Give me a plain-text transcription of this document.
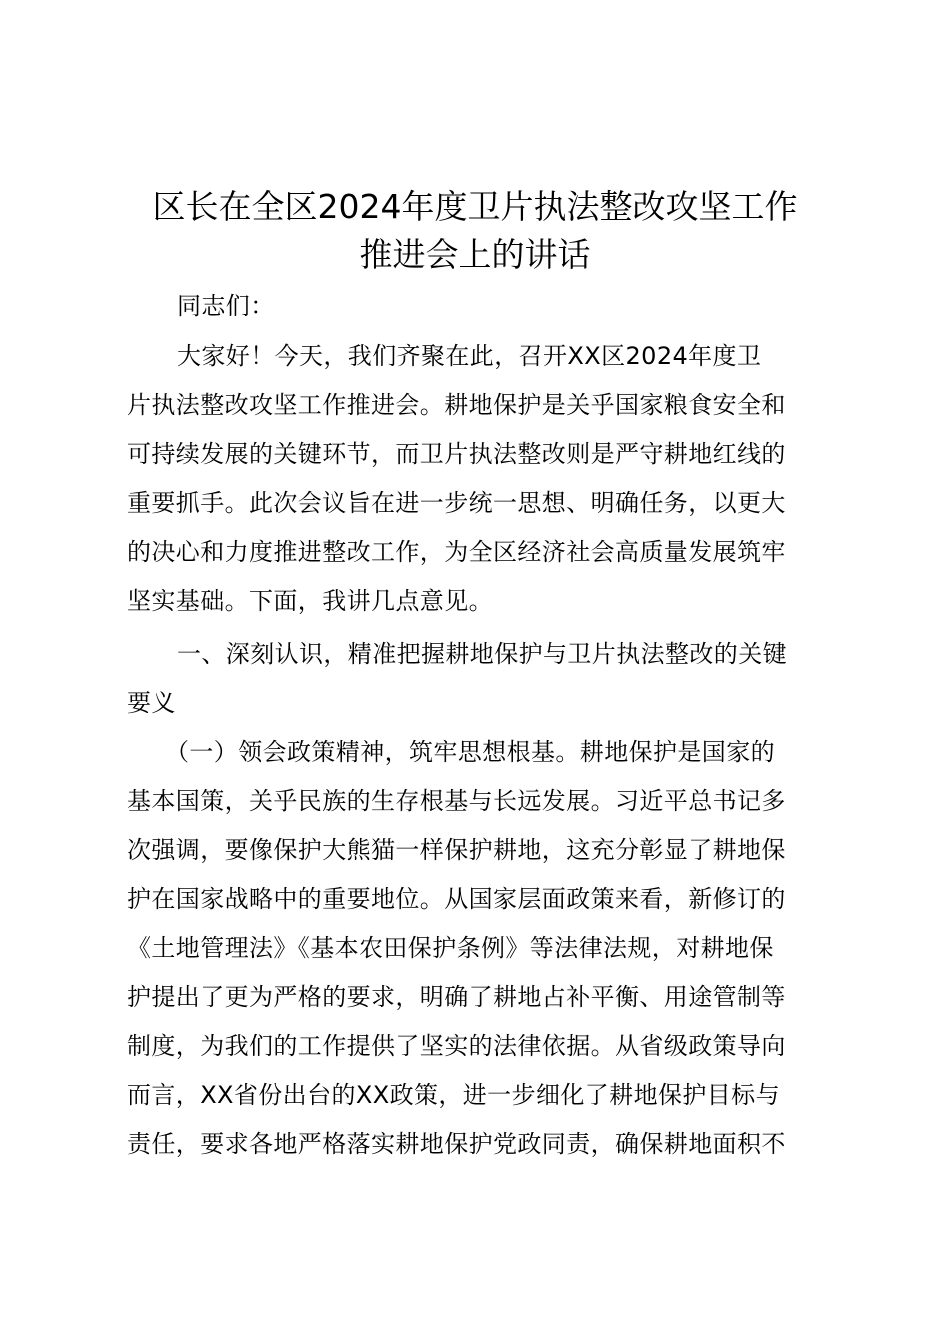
区长在全区2024年度卫片执法整改攻坚工作
推进会上的讲话
同志们：
大家好！今天，我们齐聚在此，召开XX区2024年度卫
片执法整改攻坚工作推进会。耕地保护是关乎国家粮食安全和
可持续发展的关键环节，而卫片执法整改则是严守耕地红线的
重要抓手。此次会议旨在进一步统一思想、明确任务，以更大
的决心和力度推进整改工作，为全区经济社会高质量发展筑牢
坚实基础。下面，我讲几点意见。
一、深刻认识，精准把握耕地保护与卫片执法整改的关键
要义
（一）领会政策精神，筑牢思想根基。耕地保护是国家的
基本国策，关乎民族的生存根基与长远发展。习近平总书记多
次强调，要像保护大熊猫一样保护耕地，这充分彰显了耕地保
护在国家战略中的重要地位。从国家层面政策来看，新修订的
《土地管理法》《基本农田保护条例》等法律法规，对耕地保
护提出了更为严格的要求，明确了耕地占补平衡、用途管制等
制度，为我们的工作提供了坚实的法律依据。从省级政策导向
而言，XX省份出台的XX政策，进一步细化了耕地保护目标与
责任，要求各地严格落实耕地保护党政同责，确保耕地面积不
